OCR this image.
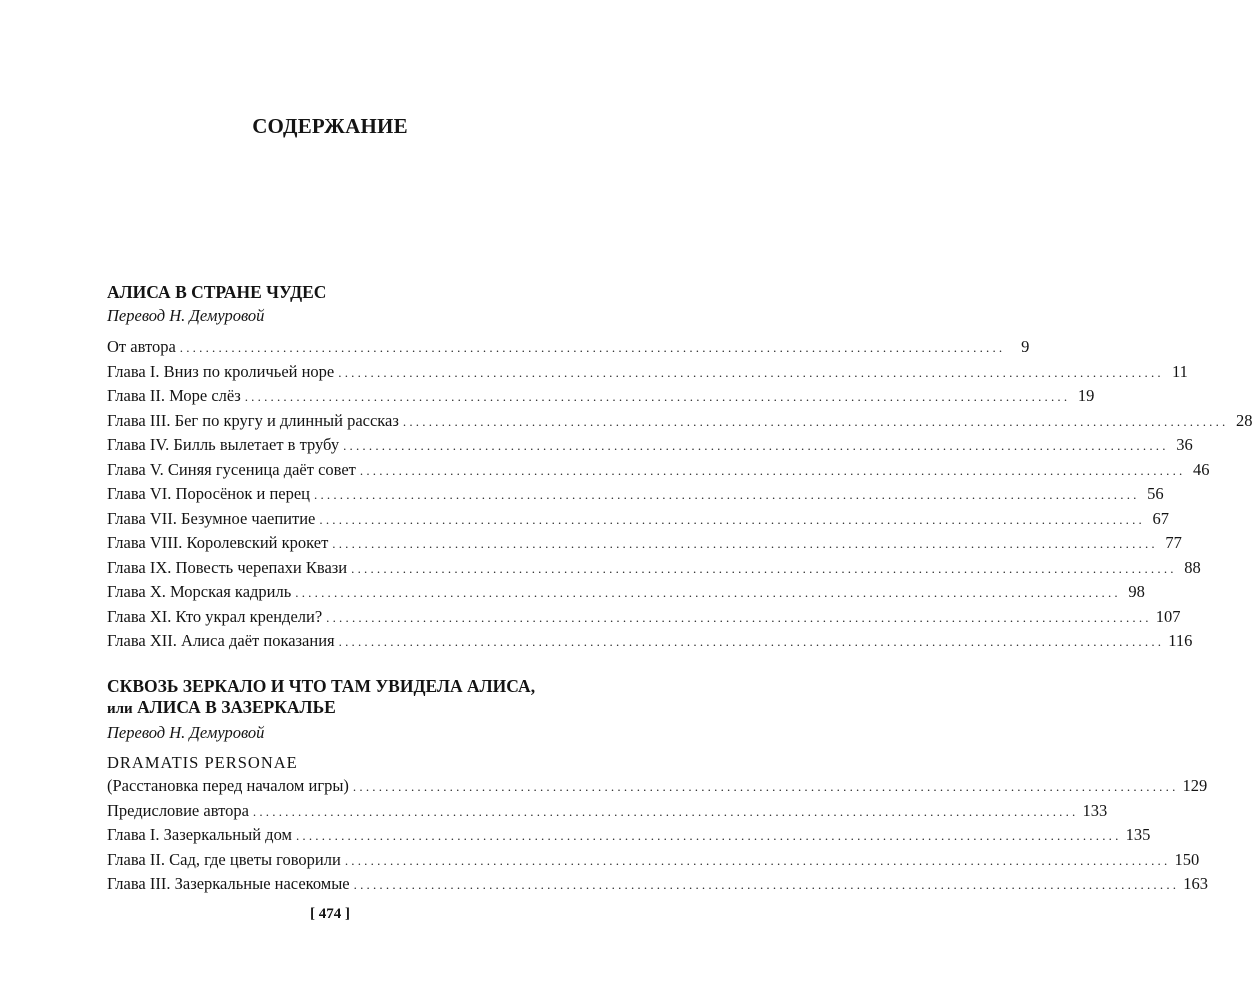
СОДЕРЖАНИЕ

АЛИСА В СТРАНЕ ЧУДЕС

Перевод Н. Демуровой

От автора ................................................................................................................................ 9
Глава I. Вниз по кроличьей норе ................................................................................................................................ 11
Глава II. Море слёз ................................................................................................................................ 19
Глава III. Бег по кругу и длинный рассказ ................................................................................................................................ 28
Глава IV. Билль вылетает в трубу ................................................................................................................................ 36
Глава V. Синяя гусеница даёт совет ................................................................................................................................ 46
Глава VI. Поросёнок и перец ................................................................................................................................ 56
Глава VII. Безумное чаепитие ................................................................................................................................ 67
Глава VIII. Королевский крокет ................................................................................................................................ 77
Глава IX. Повесть черепахи Квази ................................................................................................................................ 88
Глава X. Морская кадриль ................................................................................................................................ 98
Глава XI. Кто украл крендели? ................................................................................................................................ 107
Глава XII. Алиса даёт показания ................................................................................................................................ 116

СКВОЗЬ ЗЕРКАЛО И ЧТО ТАМ УВИДЕЛА АЛИСА,

или АЛИСА В ЗАЗЕРКАЛЬЕ

Перевод Н. Демуровой

DRAMATIS PERSONAE
(Расстановка перед началом игры) ................................................................................................................................ 129
Предисловие автора ................................................................................................................................ 133
Глава I. Зазеркальный дом ................................................................................................................................ 135
Глава II. Сад, где цветы говорили ................................................................................................................................ 150
Глава III. Зазеркальные насекомые ................................................................................................................................ 163
[ 474 ]
